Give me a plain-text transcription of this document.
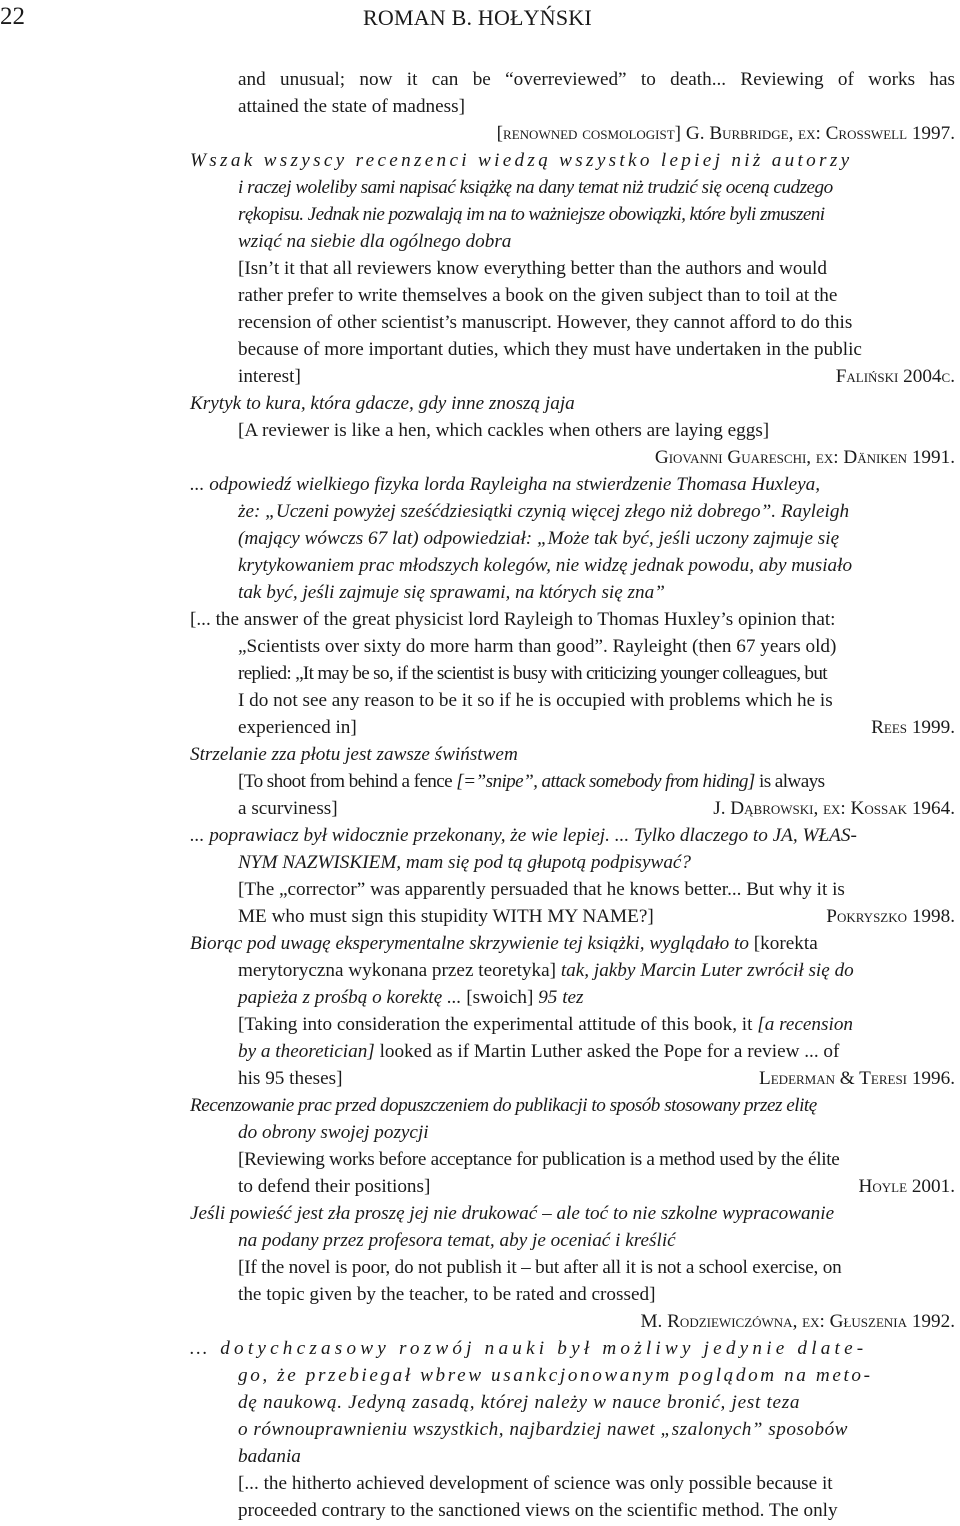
22	ROMAN B. HOŁYŃSKI
and unusual; now it can be “overreviewed” to death... Reviewing of works has
attained the state of madness]
[renowned cosmologist] G. Burbridge, ex: Crosswell 1997.
Wszak wszyscy recenzenci wiedzą wszystko lepiej niż autorzy
i raczej woleliby sami napisać książkę na dany temat niż trudzić się oceną cudzego
rękopisu. Jednak nie pozwalają im na to ważniejsze obowiązki, które byli zmuszeni
wziąć na siebie dla ogólnego dobra
[Isn’t it that all reviewers know everything better than the authors and would
rather prefer to write themselves a book on the given subject than to toil at the
recension of other scientist’s manuscript. However, they cannot afford to do this
because of more important duties, which they must have undertaken in the public
interest]	Faliński 2004c.
Krytyk to kura, która gdacze, gdy inne znoszą jaja
[A reviewer is like a hen, which cackles when others are laying eggs]
Giovanni Guareschi, ex: Däniken 1991.
... odpowiedź wielkiego fizyka lorda Rayleigha na stwierdzenie Thomasa Huxleya,
że: „Uczeni powyżej sześćdziesiątki czynią więcej złego niż dobrego”. Rayleigh
(mający wówczs 67 lat) odpowiedział: „Może tak być, jeśli uczony zajmuje się
krytykowaniem prac młodszych kolegów, nie widzę jednak powodu, aby musiało
tak być, jeśli zajmuje się sprawami, na których się zna”
[... the answer of the great physicist lord Rayleigh to Thomas Huxley’s opinion that:
„Scientists over sixty do more harm than good”. Rayleight (then 67 years old)
replied: „It may be so, if the scientist is busy with criticizing younger colleagues, but
I do not see any reason to be it so if he is occupied with problems which he is
experienced in]	Rees 1999.
Strzelanie zza płotu jest zawsze świństwem
[To shoot from behind a fence [=”snipe”, attack somebody from hiding] is always
a scurviness]	J. Dąbrowski, ex: Kossak 1964.
... poprawiacz był widocznie przekonany, że wie lepiej. ... Tylko dlaczego to JA, WŁAS-
NYM NAZWISKIEM, mam się pod tą głupotą podpisywać?
[The „corrector” was apparently persuaded that he knows better... But why it is
ME who must sign this stupidity WITH MY NAME?]	Pokryszko 1998.
Biorąc pod uwagę eksperymentalne skrzywienie tej książki, wyglądało to [korekta
merytoryczna wykonana przez teoretyka] tak, jakby Marcin Luter zwrócił się do
papieża z prośbą o korektę ... [swoich] 95 tez
[Taking into consideration the experimental attitude of this book, it [a recension
by a theoretician] looked as if Martin Luther asked the Pope for a review ... of
his 95 theses]	Lederman & Teresi 1996.
Recenzowanie prac przed dopuszczeniem do publikacji to sposób stosowany przez elitę
do obrony swojej pozycji
[Reviewing works before acceptance for publication is a method used by the élite
to defend their positions]	Hoyle 2001.
Jeśli powieść jest zła proszę jej nie drukować – ale toć to nie szkolne wypracowanie
na podany przez profesora temat, aby je oceniać i kreślić
[If the novel is poor, do not publish it – but after all it is not a school exercise, on
the topic given by the teacher, to be rated and crossed]
M. Rodziewiczówna, ex: Głuszenia 1992.
… dotychczasowy rozwój nauki był możliwy jedynie dlate-
go, że przebiegał wbrew usankcjonowanym poglądom na meto-
dę naukową. Jedyną zasadą, której należy w nauce bronić, jest teza
o równouprawnieniu wszystkich, najbardziej nawet „szalonych” sposobów
badania
[... the hitherto achieved development of science was only possible because it
proceeded contrary to the sanctioned views on the scientific method. The only
